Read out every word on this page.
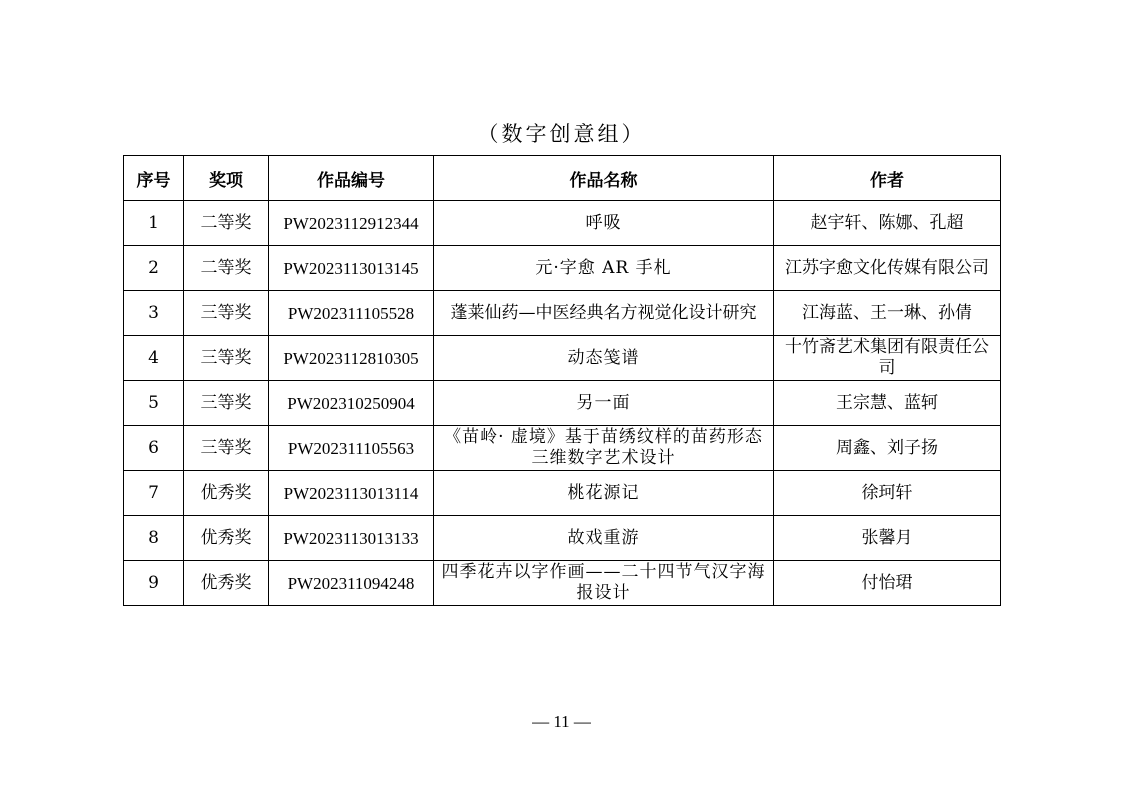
（数字创意组）
序号	奖项	作品编号	作品名称	作者
1	二等奖	PW2023112912344	呼吸	赵宇轩、陈娜、孔超
2	二等奖	PW2023113013145	元·字愈 AR 手札	江苏字愈文化传媒有限公司
3	三等奖	PW202311105528	蓬莱仙药—中医经典名方视觉化设计研究	江海蓝、王一琳、孙倩
4	三等奖	PW2023112810305	动态笺谱	十竹斋艺术集团有限责任公司
5	三等奖	PW202310250904	另一面	王宗慧、蓝轲
6	三等奖	PW202311105563	《苗岭· 虚境》基于苗绣纹样的苗药形态三维数字艺术设计	周鑫、刘子扬
7	优秀奖	PW2023113013114	桃花源记	徐珂轩
8	优秀奖	PW2023113013133	故戏重游	张馨月
9	优秀奖	PW202311094248	四季花卉以字作画——二十四节气汉字海报设计	付怡珺
— 11 —
